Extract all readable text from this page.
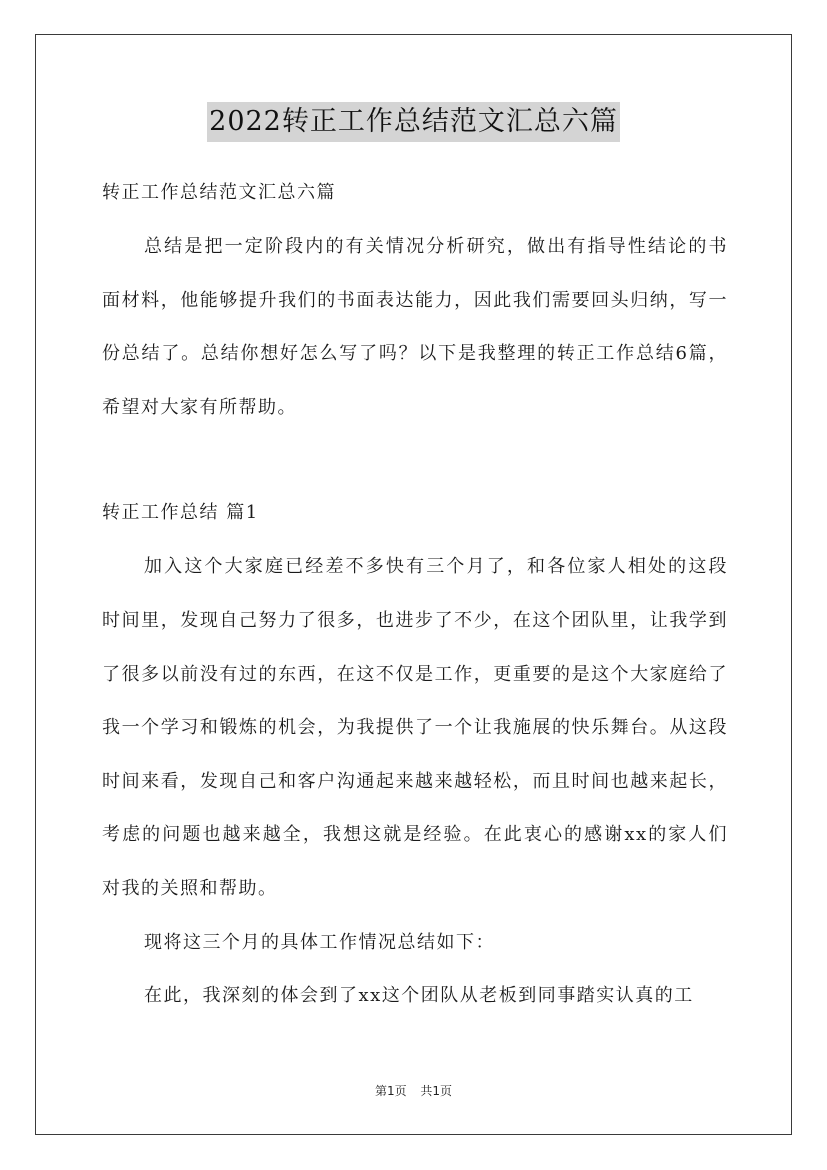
2022转正工作总结范文汇总六篇

转正工作总结范文汇总六篇

总结是把一定阶段内的有关情况分析研究，做出有指导性结论的书面材料，他能够提升我们的书面表达能力，因此我们需要回头归纳，写一份总结了。总结你想好怎么写了吗？以下是我整理的转正工作总结6篇，希望对大家有所帮助。

转正工作总结 篇1

加入这个大家庭已经差不多快有三个月了，和各位家人相处的这段时间里，发现自己努力了很多，也进步了不少，在这个团队里，让我学到了很多以前没有过的东西，在这不仅是工作，更重要的是这个大家庭给了我一个学习和锻炼的机会，为我提供了一个让我施展的快乐舞台。从这段时间来看，发现自己和客户沟通起来越来越轻松，而且时间也越来起长，考虑的问题也越来越全，我想这就是经验。在此衷心的感谢xx的家人们对我的关照和帮助。

现将这三个月的具体工作情况总结如下：

在此，我深刻的体会到了xx这个团队从老板到同事踏实认真的工

第1页 共1页
